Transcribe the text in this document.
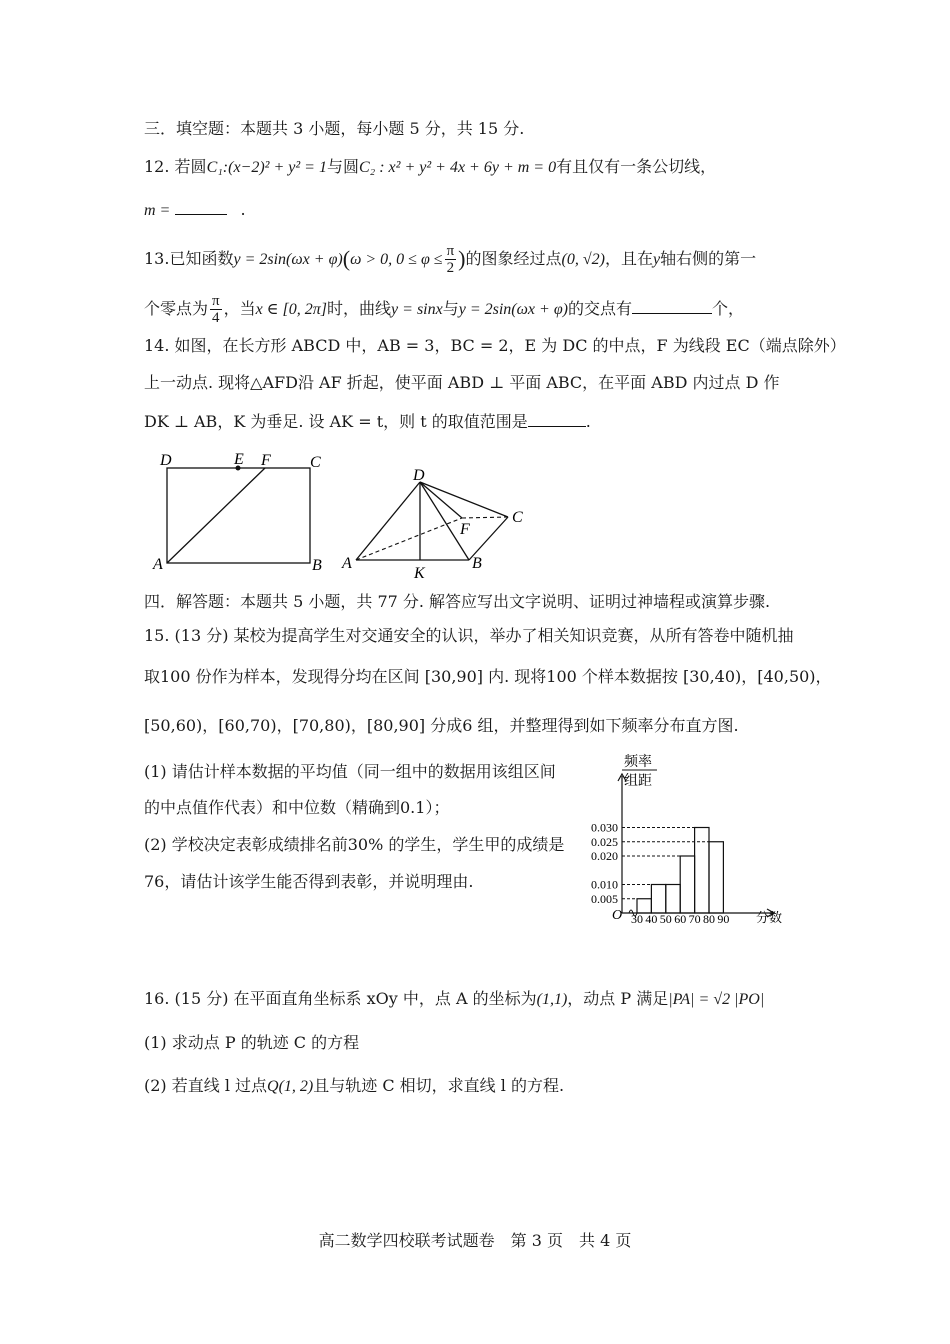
三．填空题：本题共 3 小题，每小题 5 分，共 15 分.
12. 若圆C₁:(x−2)² + y² = 1与圆C₂ : x² + y² + 4x + 6y + m = 0有且仅有一条公切线，
m =	.
13.已知函数y = 2sin(ωx + φ)(ω > 0, $0 \le \varphi \le \frac{\pi}{2}$ )的图象经过点(0, √2)，且在y轴右侧的第一
个零点为 $\frac{\pi}{4}$ ，当x ∈ [0, 2π]时，曲线y = sinx与y = 2sin(ωx + φ)的交点有	个，
14. 如图，在长方形 ABCD 中，AB = 3，BC = 2，E 为 DC 的中点，F 为线段 EC（端点除外）
上一动点. 现将△AFD沿 AF 折起，使平面 ABD ⊥ 平面 ABC，在平面 ABD 内过点 D 作
DK ⊥ AB，K 为垂足. 设 AK = t，则 t 的取值范围是	.
D	E F C
A	B
D
F
C
A
K
B
四．解答题：本题共 5 小题，共 77 分. 解答应写出文字说明、证明过神墙程或演算步骤.
15. (13 分) 某校为提高学生对交通安全的认识，举办了相关知识竞赛，从所有答卷中随机抽
取100 份作为样本，发现得分均在区间 [30,90] 内. 现将100 个样本数据按 [30,40)，[40,50)，
[50,60)，[60,70)，[70,80)，[80,90] 分成6 组，并整理得到如下频率分布直方图.
(1) 请估计样本数据的平均值（同一组中的数据用该组区间
的中点值作代表）和中位数（精确到0.1）；
(2) 学校决定表彰成绩排名前30% 的学生，学生甲的成绩是
76，请估计该学生能否得到表彰，并说明理由.
频率
组距
O	分数
0.005
0.010
0.020
0.025
0.030
30 40 50 60 70 80 90
16. (15 分) 在平面直角坐标系 xOy 中，点 A 的坐标为(1,1)，动点 P 满足|PA| = √2 |PO|
(1) 求动点 P 的轨迹 C 的方程
(2) 若直线 l 过点Q(1, 2)且与轨迹 C 相切，求直线 l 的方程.
高二数学四校联考试题卷　第 3 页　共 4 页
